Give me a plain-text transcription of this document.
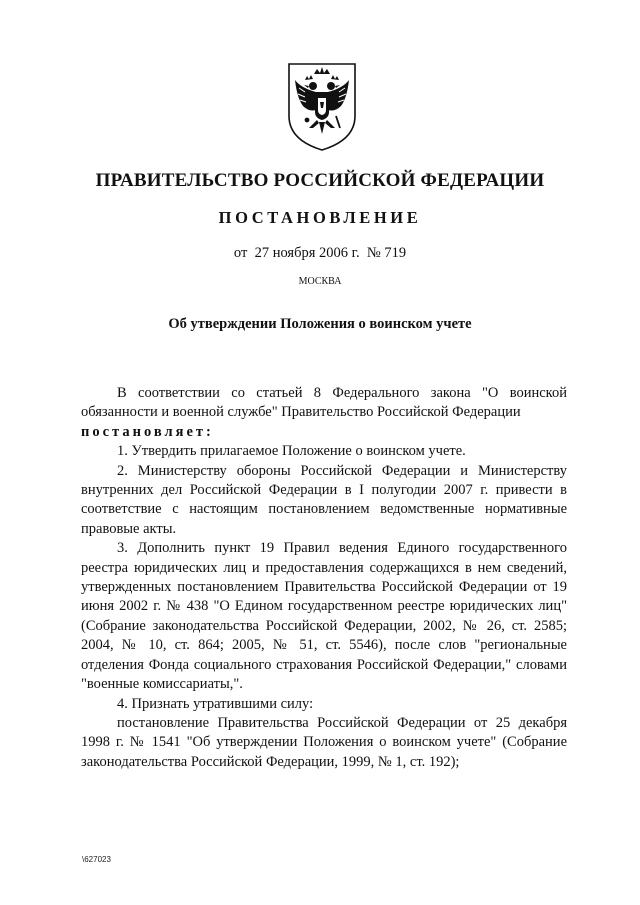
ПРАВИТЕЛЬСТВО РОССИЙСКОЙ ФЕДЕРАЦИИ
ПОСТАНОВЛЕНИЕ

от 27 ноября 2006 г. № 719

МОСКВА

Об утверждении Положения о воинском учете

В соответствии со статьей 8 Федерального закона "О воинской обязанности и военной службе" Правительство Российской Федерации

постановляет:

1. Утвердить прилагаемое Положение о воинском учете.

2. Министерству обороны Российской Федерации и Министерству внутренних дел Российской Федерации в I полугодии 2007 г. привести в соответствие с настоящим постановлением ведомственные нормативные правовые акты.

3. Дополнить пункт 19 Правил ведения Единого государственного реестра юридических лиц и предоставления содержащихся в нем сведений, утвержденных постановлением Правительства Российской Федерации от 19 июня 2002 г. № 438 "О Едином государственном реестре юридических лиц" (Собрание законодательства Российской Федерации, 2002, № 26, ст. 2585; 2004, № 10, ст. 864; 2005, № 51, ст. 5546), после слов "региональные отделения Фонда социального страхования Российской Федерации," словами "военные комиссариаты,".

4. Признать утратившими силу:

постановление Правительства Российской Федерации от 25 декабря 1998 г. № 1541 "Об утверждении Положения о воинском учете" (Собрание законодательства Российской Федерации, 1999, № 1, ст. 192);

\627023
